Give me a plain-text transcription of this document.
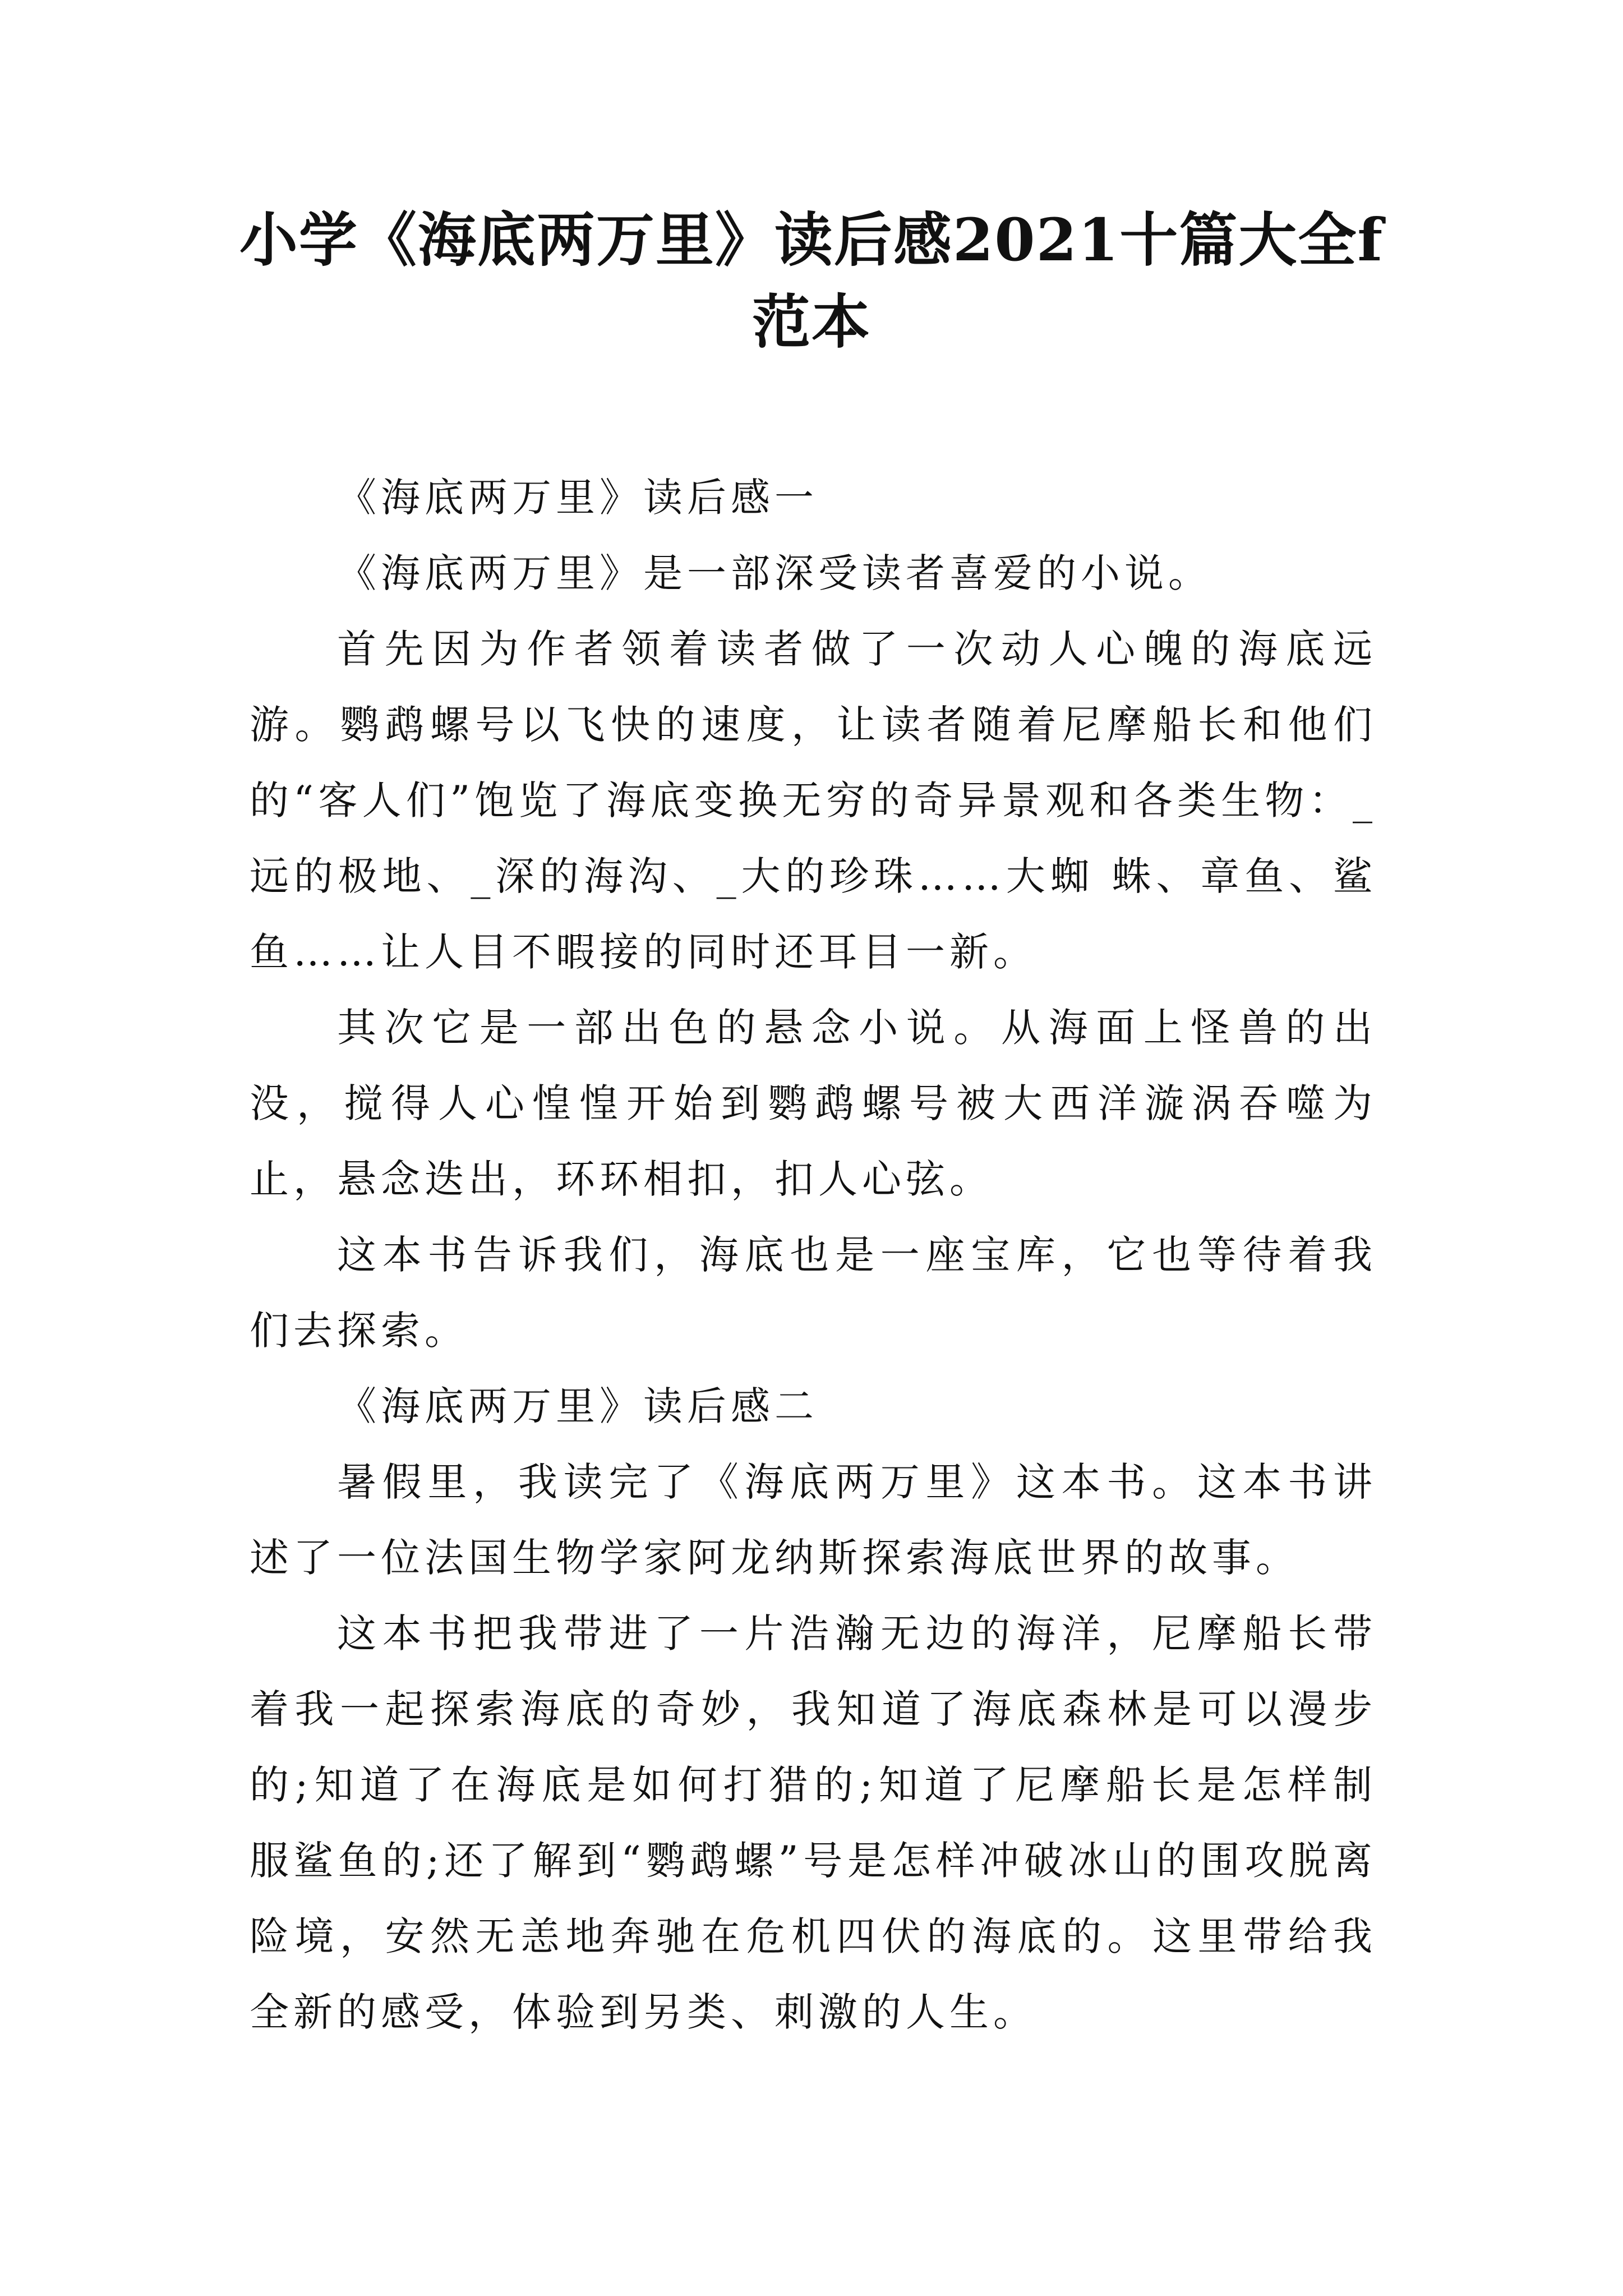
小学《海底两万里》读后感2021十篇大全f
范本

《海底两万里》读后感一

《海底两万里》是一部深受读者喜爱的小说。

首先因为作者领着读者做了一次动人心魄的海底远游。鹦鹉螺号以飞快的速度，让读者随着尼摩船长和他们的“客人们”饱览了海底变换无穷的奇异景观和各类生物：_远的极地、_深的海沟、_大的珍珠……大蜘 蛛、章鱼、鲨鱼……让人目不暇接的同时还耳目一新。

其次它是一部出色的悬念小说。从海面上怪兽的出没，搅得人心惶惶开始到鹦鹉螺号被大西洋漩涡吞噬为止，悬念迭出，环环相扣，扣人心弦。

这本书告诉我们，海底也是一座宝库，它也等待着我们去探索。

《海底两万里》读后感二

暑假里，我读完了《海底两万里》这本书。这本书讲述了一位法国生物学家阿龙纳斯探索海底世界的故事。

这本书把我带进了一片浩瀚无边的海洋，尼摩船长带着我一起探索海底的奇妙，我知道了海底森林是可以漫步的;知道了在海底是如何打猎的;知道了尼摩船长是怎样制 服鲨鱼的;还了解到“鹦鹉螺”号是怎样冲破冰山的围攻脱离险境，安然无恙地奔驰在危机四伏的海底的。这里带给我全新的感受，体验到另类、刺激的人生。
